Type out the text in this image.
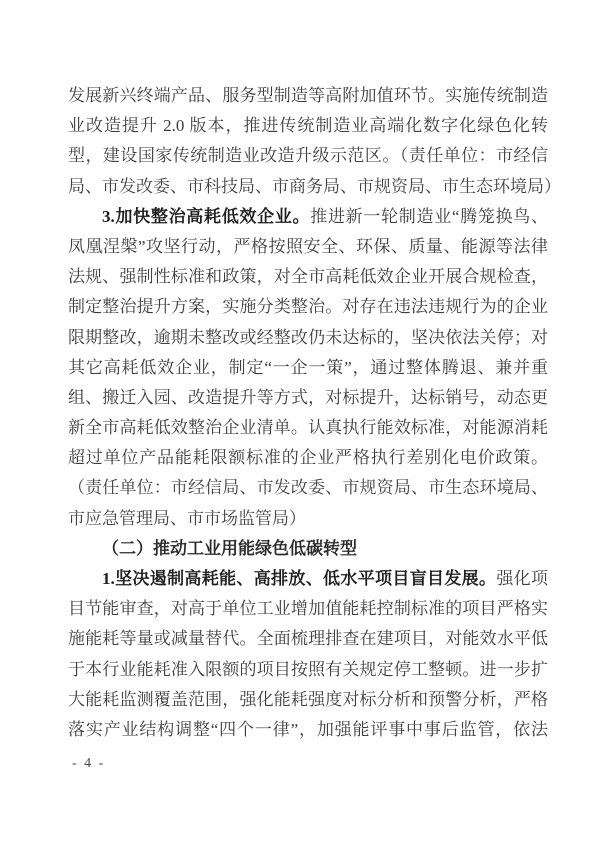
发展新兴终端产品、服务型制造等高附加值环节。实施传统制造
业改造提升 2.0 版本，推进传统制造业高端化数字化绿色化转
型，建设国家传统制造业改造升级示范区。（责任单位：市经信
局、市发改委、市科技局、市商务局、市规资局、市生态环境局）
3.加快整治高耗低效企业。推进新一轮制造业“腾笼换鸟、
凤凰涅槃”攻坚行动，严格按照安全、环保、质量、能源等法律
法规、强制性标准和政策，对全市高耗低效企业开展合规检查，
制定整治提升方案，实施分类整治。对存在违法违规行为的企业
限期整改，逾期未整改或经整改仍未达标的，坚决依法关停；对
其它高耗低效企业，制定“一企一策”，通过整体腾退、兼并重
组、搬迁入园、改造提升等方式，对标提升，达标销号，动态更
新全市高耗低效整治企业清单。认真执行能效标准，对能源消耗
超过单位产品能耗限额标准的企业严格执行差别化电价政策。
（责任单位：市经信局、市发改委、市规资局、市生态环境局、
市应急管理局、市市场监管局）
（二）推动工业用能绿色低碳转型
1.坚决遏制高耗能、高排放、低水平项目盲目发展。强化项
目节能审查，对高于单位工业增加值能耗控制标准的项目严格实
施能耗等量或减量替代。全面梳理排查在建项目，对能效水平低
于本行业能耗准入限额的项目按照有关规定停工整顿。进一步扩
大能耗监测覆盖范围，强化能耗强度对标分析和预警分析，严格
落实产业结构调整“四个一律”，加强能评事中事后监管，依法
- 4 -
